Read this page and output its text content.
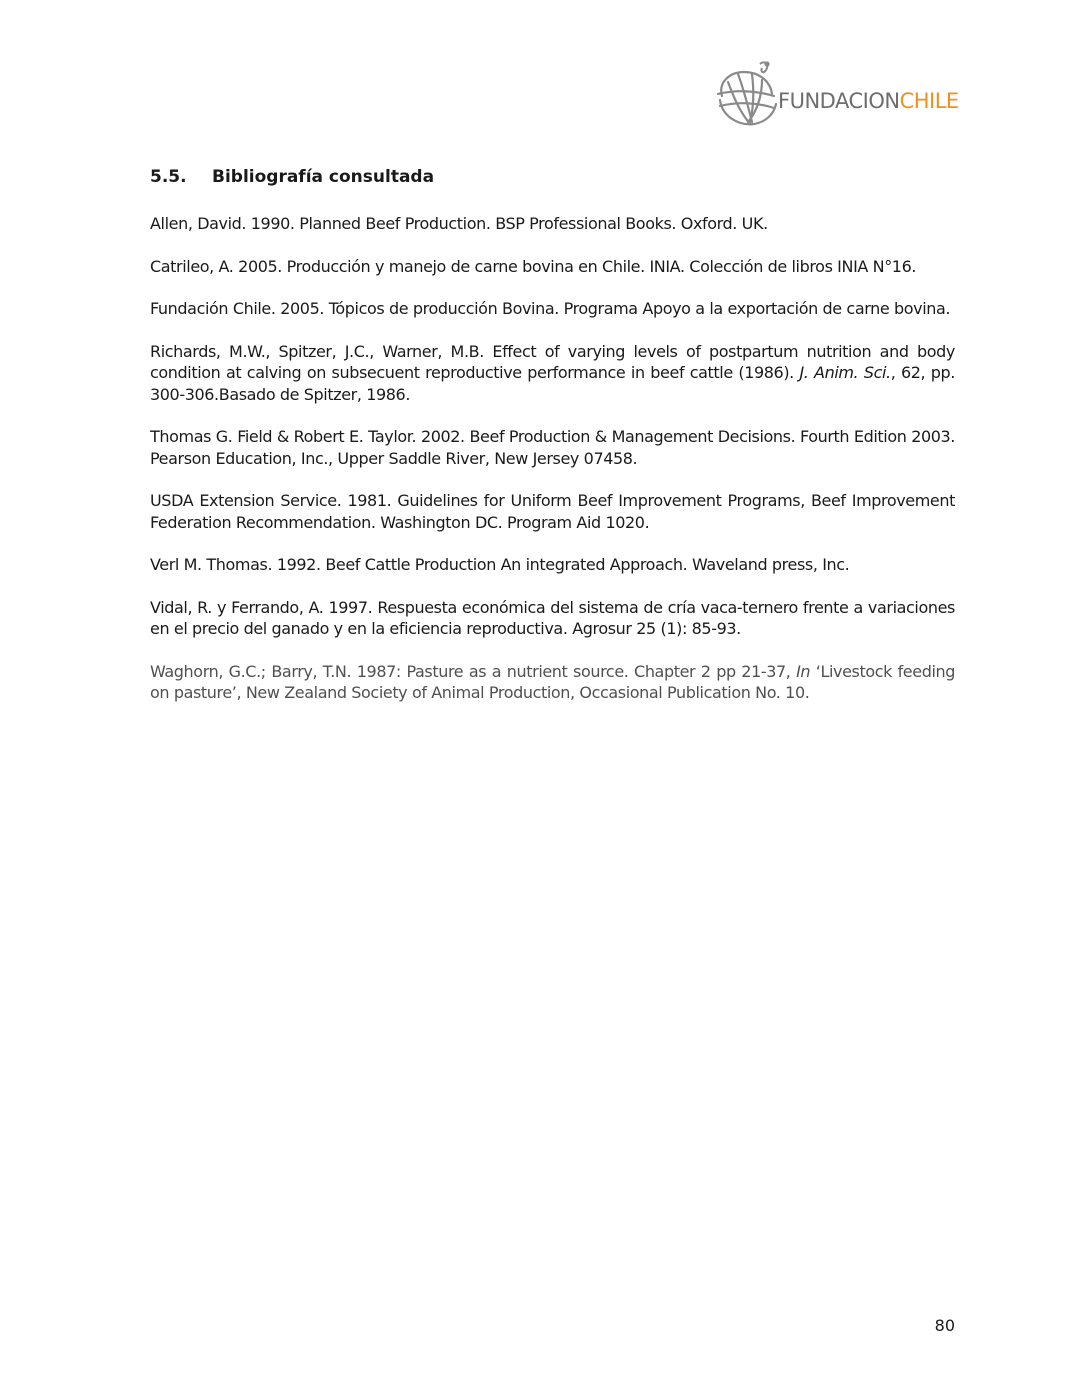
FUNDACIONCHILE
5.5. Bibliografía consultada

Allen, David. 1990. Planned Beef Production. BSP Professional Books. Oxford. UK.

Catrileo, A. 2005. Producción y manejo de carne bovina en Chile. INIA. Colección de libros INIA N°16.

Fundación Chile. 2005. Tópicos de producción Bovina. Programa Apoyo a la exportación de carne bovina.

Richards, M.W., Spitzer, J.C., Warner, M.B. Effect of varying levels of postpartum nutrition and body condition at calving on subsecuent reproductive performance in beef cattle (1986). J. Anim. Sci., 62, pp. 300-306.Basado de Spitzer, 1986.

Thomas G. Field & Robert E. Taylor. 2002. Beef Production & Management Decisions. Fourth Edition 2003. Pearson Education, Inc., Upper Saddle River, New Jersey 07458.

USDA Extension Service. 1981. Guidelines for Uniform Beef Improvement Programs, Beef Improvement Federation Recommendation. Washington DC. Program Aid 1020.

Verl M. Thomas. 1992. Beef Cattle Production An integrated Approach. Waveland press, Inc.

Vidal, R. y Ferrando, A. 1997. Respuesta económica del sistema de cría vaca-ternero frente a variaciones en el precio del ganado y en la eficiencia reproductiva. Agrosur 25 (1): 85-93.

Waghorn, G.C.; Barry, T.N. 1987: Pasture as a nutrient source. Chapter 2 pp 21-37, In ‘Livestock feeding on pasture’, New Zealand Society of Animal Production, Occasional Publication No. 10.

80
